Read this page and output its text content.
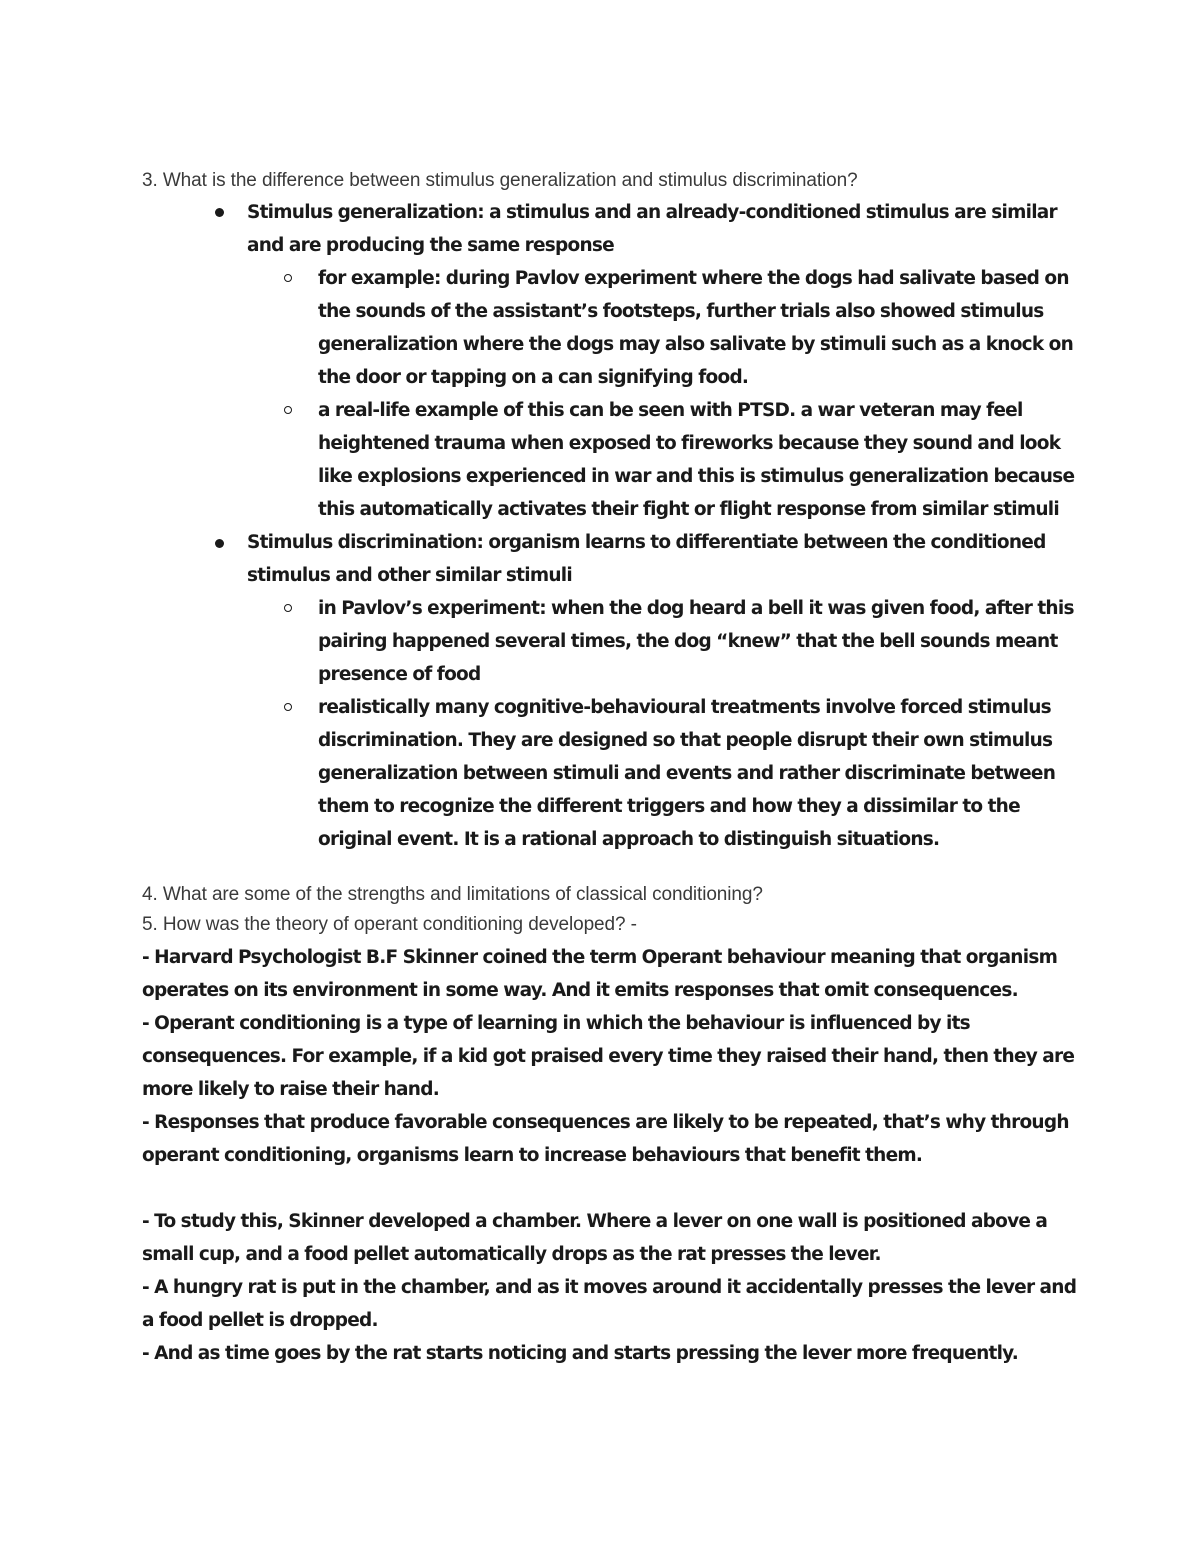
3. What is the difference between stimulus generalization and stimulus discrimination?
Stimulus generalization: a stimulus and an already-conditioned stimulus are similar
and are producing the same response
for example: during Pavlov experiment where the dogs had salivate based on
the sounds of the assistant’s footsteps, further trials also showed stimulus
generalization where the dogs may also salivate by stimuli such as a knock on
the door or tapping on a can signifying food.
a real-life example of this can be seen with PTSD. a war veteran may feel
heightened trauma when exposed to fireworks because they sound and look
like explosions experienced in war and this is stimulus generalization because
this automatically activates their fight or flight response from similar stimuli
Stimulus discrimination: organism learns to differentiate between the conditioned
stimulus and other similar stimuli
in Pavlov’s experiment: when the dog heard a bell it was given food, after this
pairing happened several times, the dog “knew” that the bell sounds meant
presence of food
realistically many cognitive-behavioural treatments involve forced stimulus
discrimination. They are designed so that people disrupt their own stimulus
generalization between stimuli and events and rather discriminate between
them to recognize the different triggers and how they a dissimilar to the
original event. It is a rational approach to distinguish situations.
4. What are some of the strengths and limitations of classical conditioning?
5. How was the theory of operant conditioning developed? -
- Harvard Psychologist B.F Skinner coined the term Operant behaviour meaning that organism
operates on its environment in some way. And it emits responses that omit consequences.
- Operant conditioning is a type of learning in which the behaviour is influenced by its
consequences. For example, if a kid got praised every time they raised their hand, then they are
more likely to raise their hand.
- Responses that produce favorable consequences are likely to be repeated, that’s why through
operant conditioning, organisms learn to increase behaviours that benefit them.
- To study this, Skinner developed a chamber. Where a lever on one wall is positioned above a
small cup, and a food pellet automatically drops as the rat presses the lever.
- A hungry rat is put in the chamber, and as it moves around it accidentally presses the lever and
a food pellet is dropped.
- And as time goes by the rat starts noticing and starts pressing the lever more frequently.
